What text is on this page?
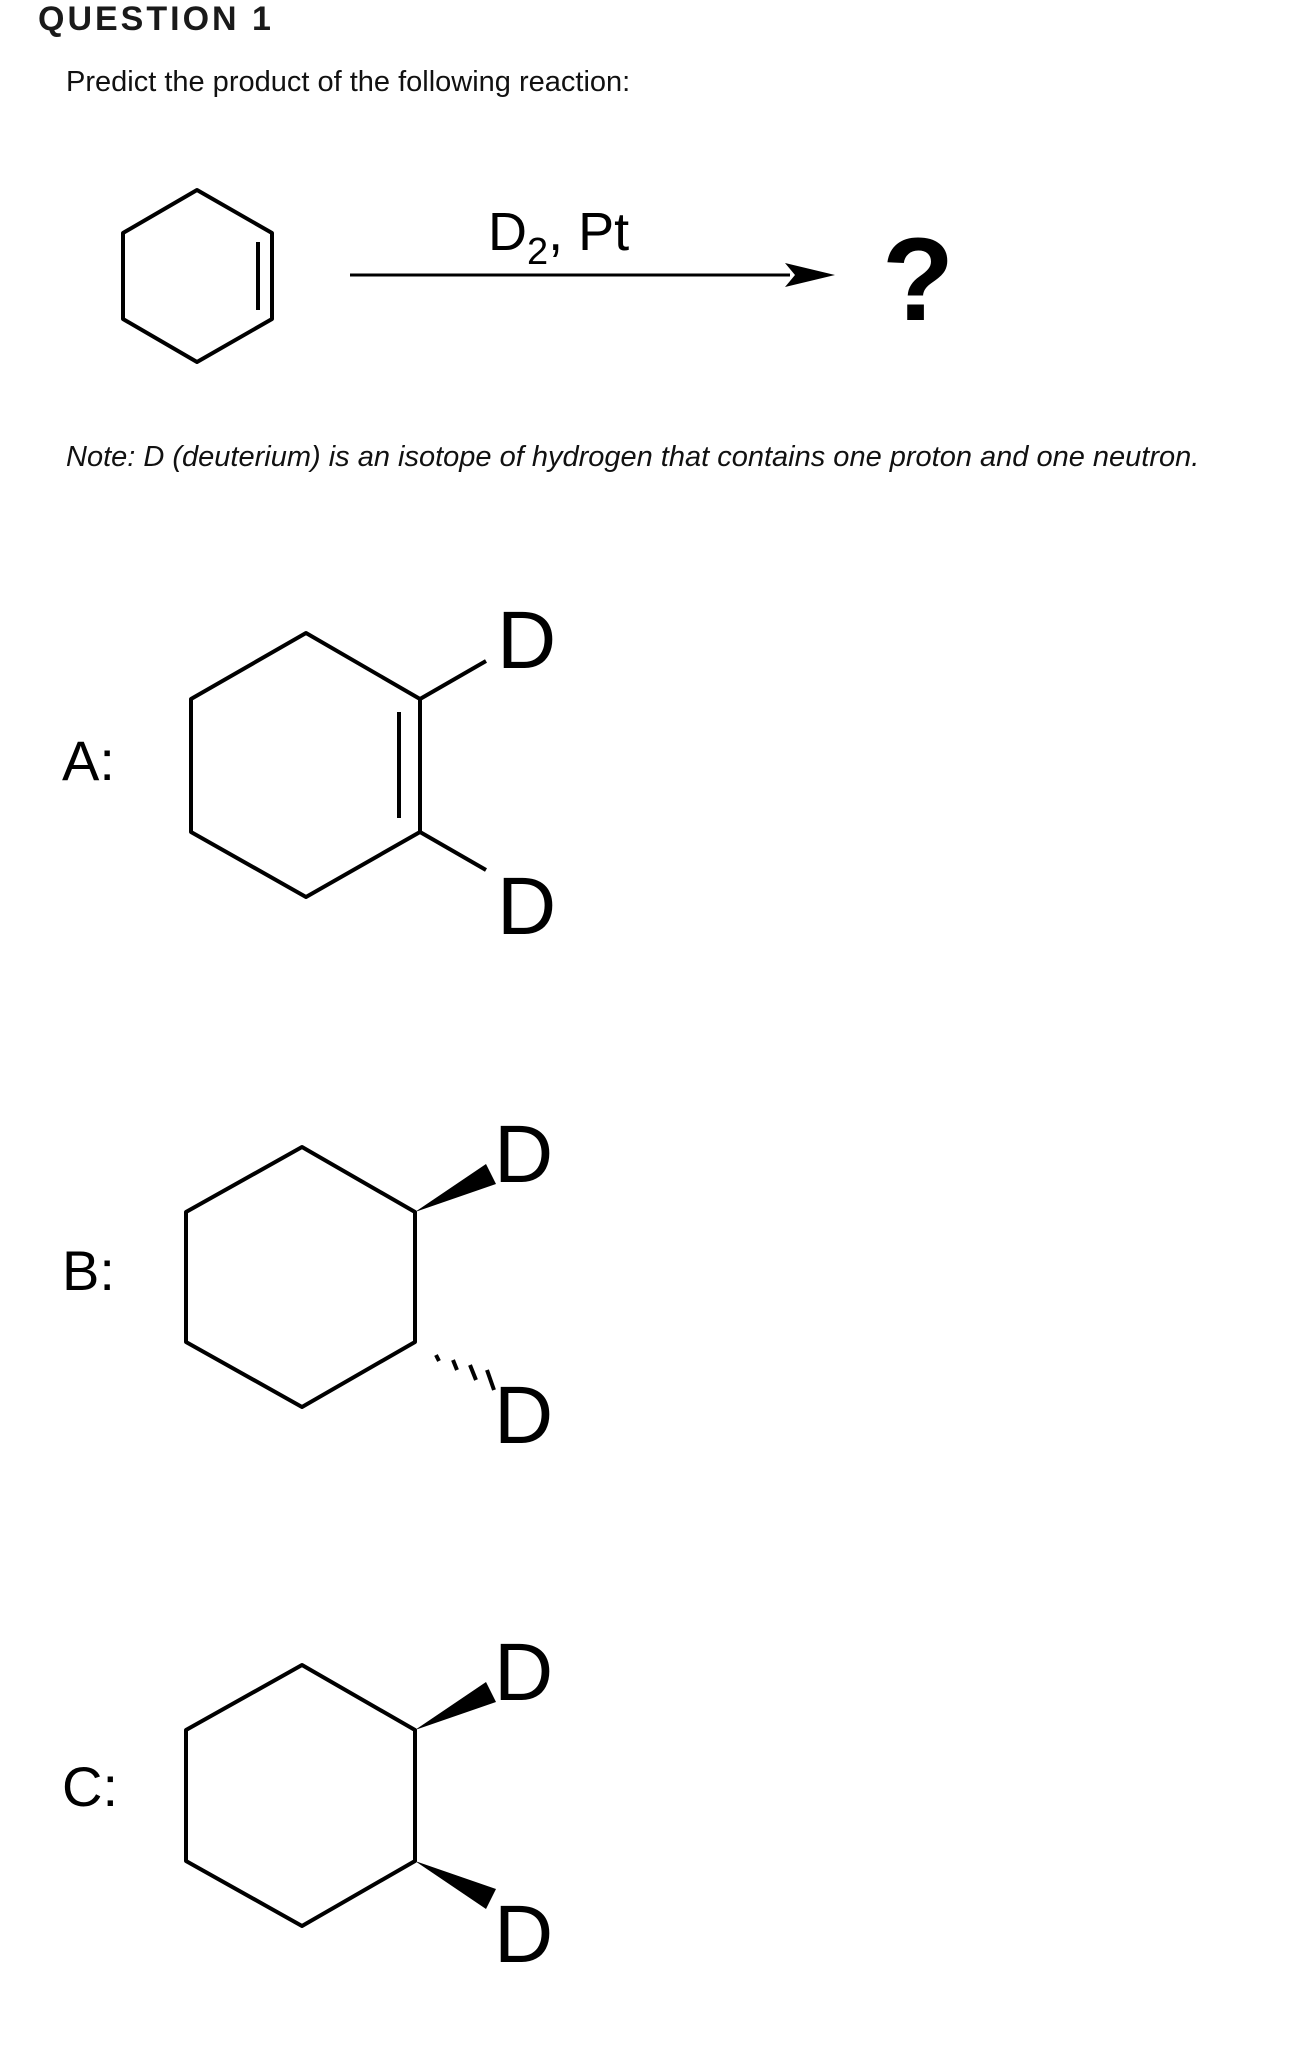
QUESTION 1
Predict the product of the following reaction:
Note: D (deuterium) is an isotope of hydrogen that contains one proton and one neutron.
$D_2$, Pt ?
A:
D
D
B:
D
D
C:
D
D
